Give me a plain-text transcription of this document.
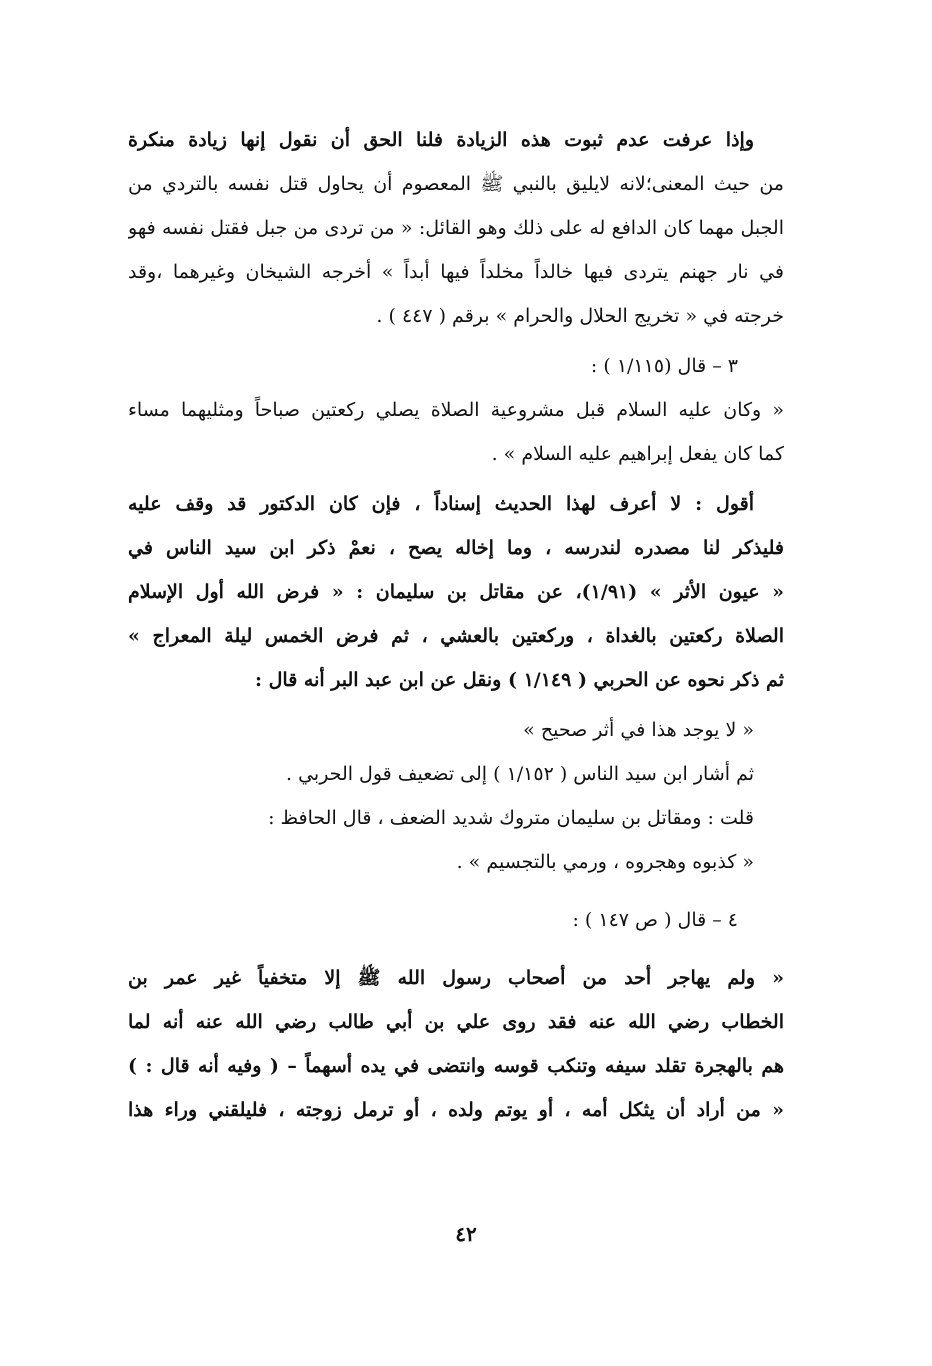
وإذا عرفت عدم ثبوت هذه الزيادة فلنا الحق أن نقول إنها زيادة منكرة
من حيث المعنى؛لانه لايليق بالنبي ﷺ المعصوم أن يحاول قتل نفسه بالتردي من
الجبل مهما كان الدافع له على ذلك وهو القائل: « من تردى من جبل فقتل نفسه فهو
في نار جهنم يتردى فيها خالداً مخلداً فيها أبداً » أخرجه الشيخان وغيرهما ،وقد
خرجته في « تخريج الحلال والحرام » برقم ( ٤٤٧ ) .
٣ – قال (١/١١٥ ) :
« وكان عليه السلام قبل مشروعية الصلاة يصلي ركعتين صباحاً ومثليهما مساء
كما كان يفعل إبراهيم عليه السلام » .
أقول : لا أعرف لهذا الحديث إسناداً ، فإن كان الدكتور قد وقف عليه
فليذكر لنا مصدره لندرسه ، وما إخاله يصح ، نعمْ ذكر ابن سيد الناس في
« عيون الأثر » (١/٩١)، عن مقاتل بن سليمان : « فرض الله أول الإسلام
الصلاة ركعتين بالغداة ، وركعتين بالعشي ، ثم فرض الخمس ليلة المعراج »
ثم ذكر نحوه عن الحربي ( ١/١٤٩ ) ونقل عن ابن عبد البر أنه قال :
« لا يوجد هذا في أثر صحيح »
ثم أشار ابن سيد الناس ( ١/١٥٢ ) إلى تضعيف قول الحربي .
قلت : ومقاتل بن سليمان متروك شديد الضعف ، قال الحافظ :
« كذبوه وهجروه ، ورمي بالتجسيم » .
٤ – قال ( ص ١٤٧ ) :
« ولم يهاجر أحد من أصحاب رسول الله ﷺ إلا متخفياً غير عمر بن
الخطاب رضي الله عنه فقد روى علي بن أبي طالب رضي الله عنه أنه لما
هم بالهجرة تقلد سيفه وتنكب قوسه وانتضى في يده أسهماً – ( وفيه أنه قال : )
« من أراد أن يثكل أمه ، أو يوتم ولده ، أو ترمل زوجته ، فليلقني وراء هذا
٤٢
